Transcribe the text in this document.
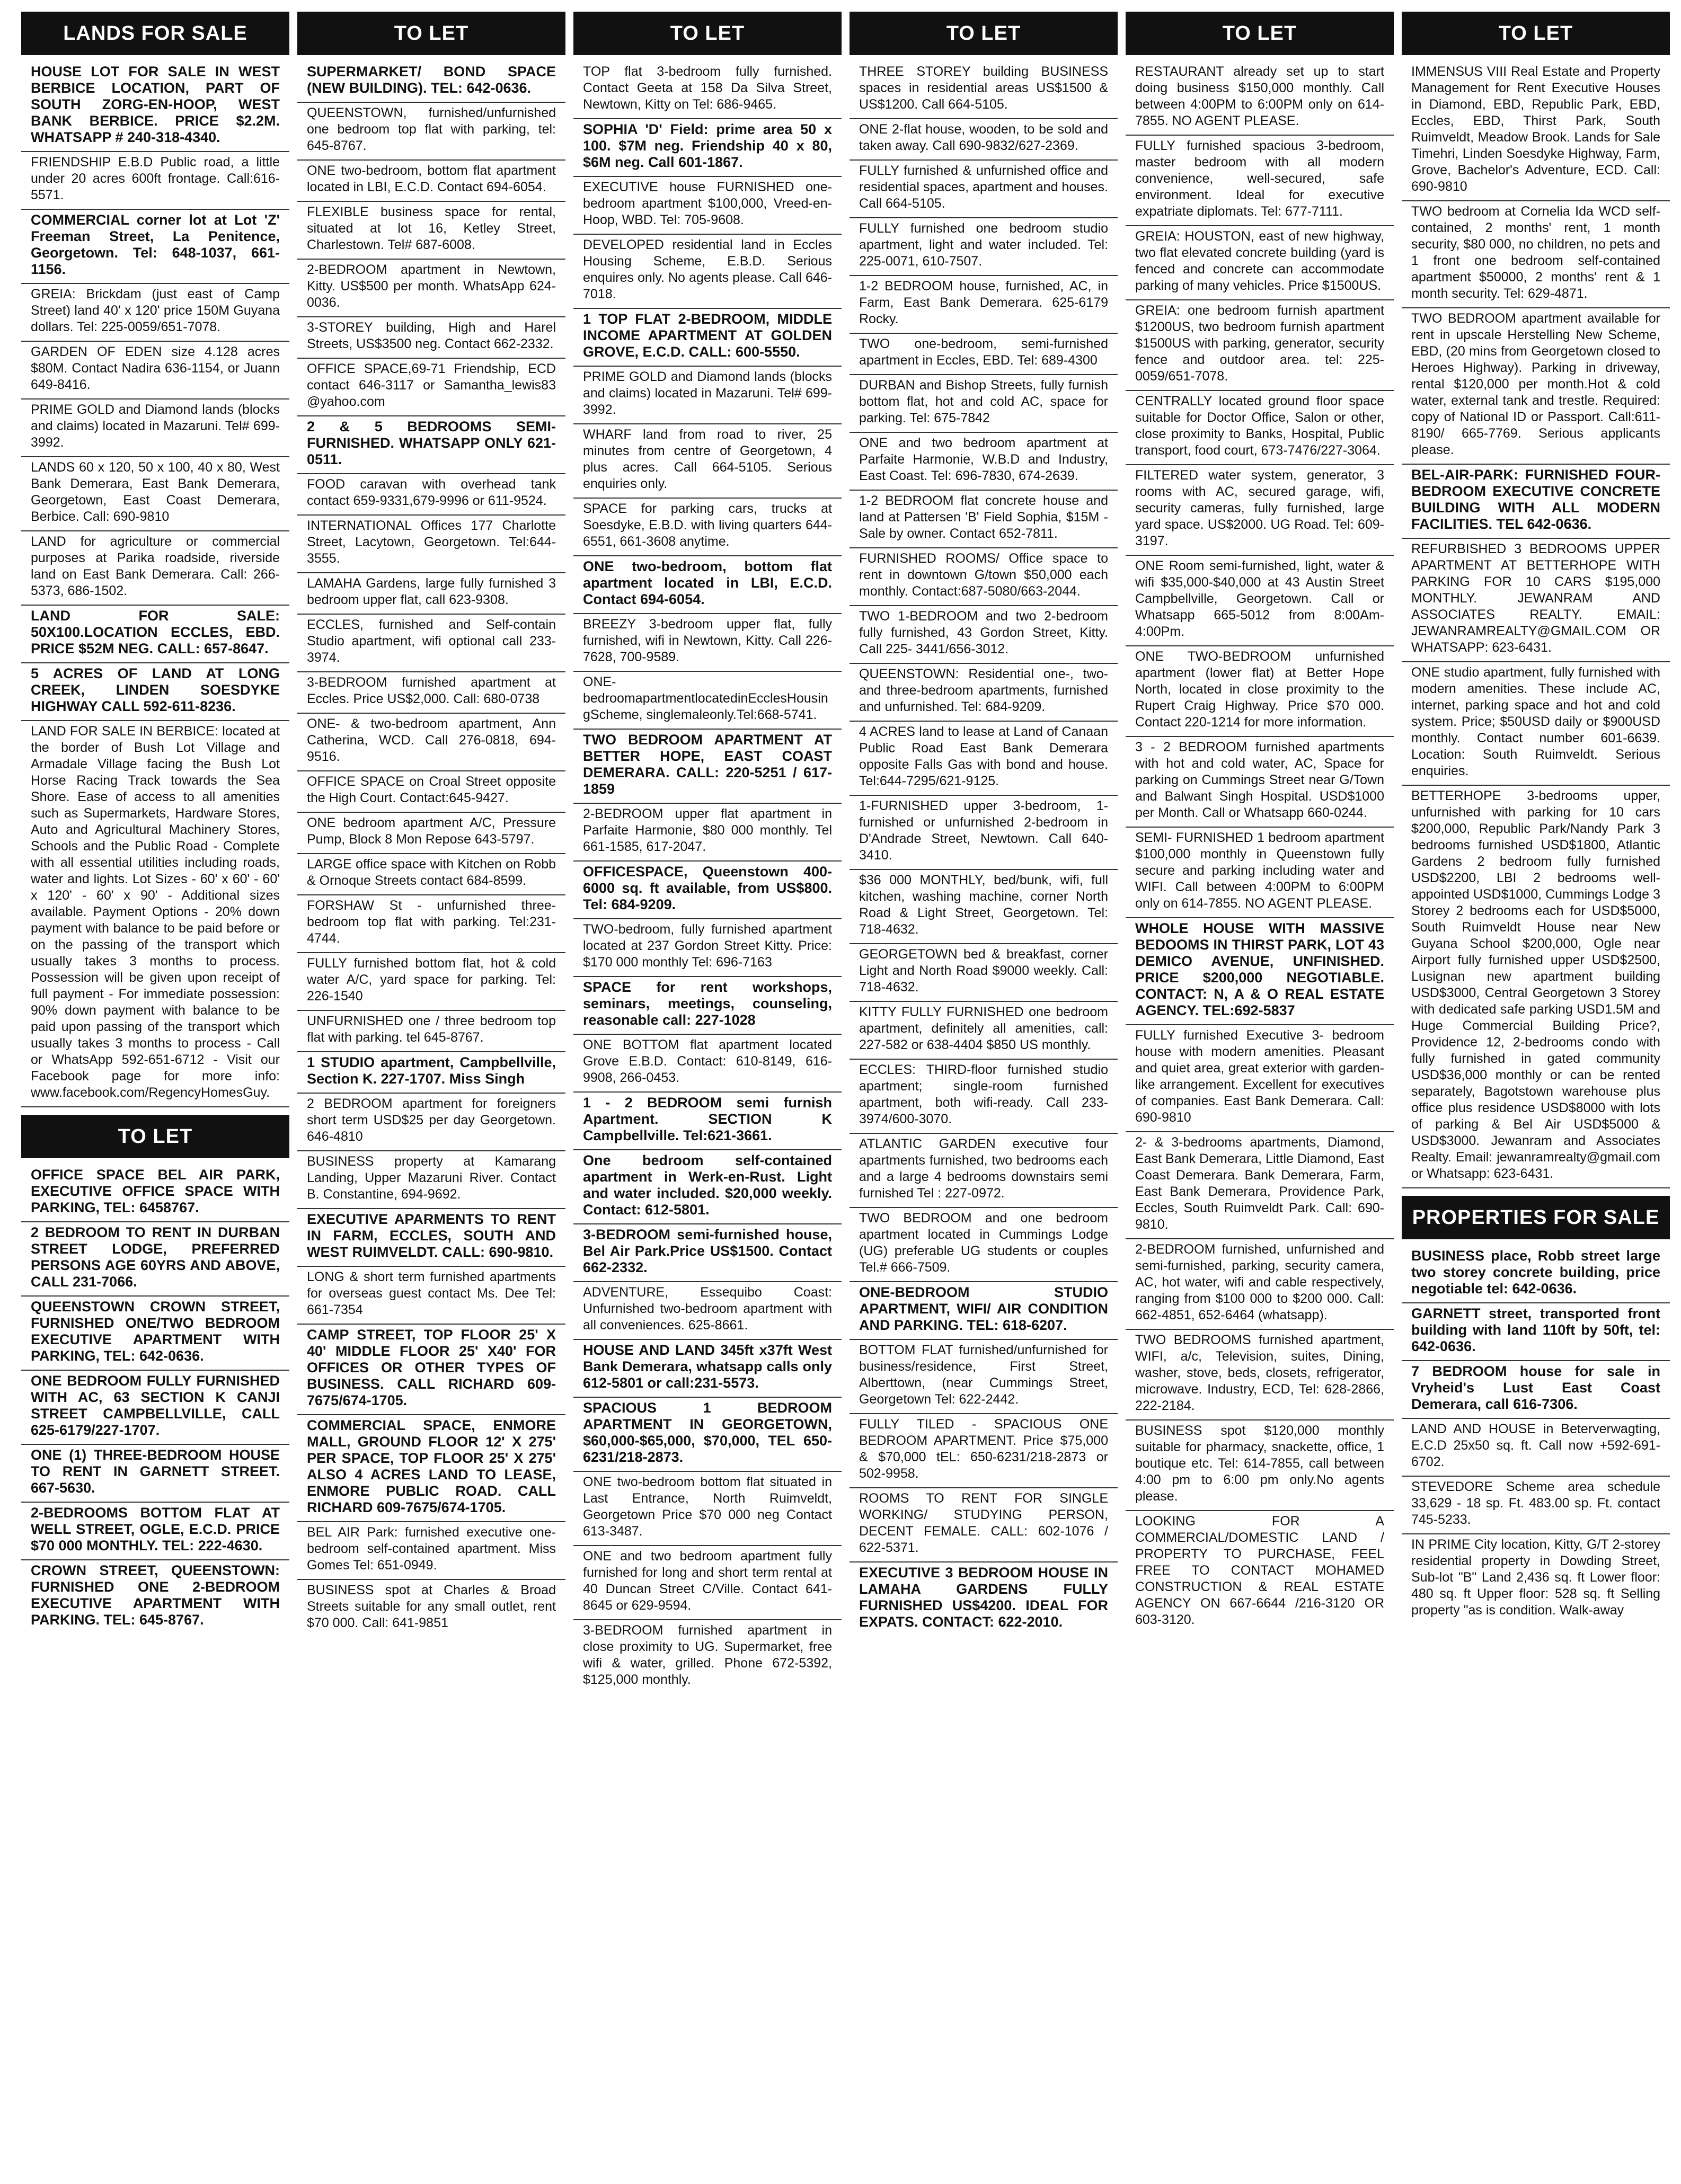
LANDS FOR SALE
HOUSE LOT FOR SALE IN WEST BERBICE LOCATION, PART OF SOUTH ZORG-EN-HOOP, WEST BANK BERBICE. PRICE $2.2M. WHATSAPP # 240-318-4340.
FRIENDSHIP E.B.D Public road, a little under 20 acres 600ft frontage. Call:616-5571.
COMMERCIAL corner lot at Lot 'Z' Freeman Street, La Penitence, Georgetown. Tel: 648-1037, 661-1156.
GREIA: Brickdam (just east of Camp Street) land 40' x 120' price 150M Guyana dollars. Tel: 225-0059/651-7078.
GARDEN OF EDEN size 4.128 acres $80M. Contact Nadira 636-1154, or Juann 649-8416.
PRIME GOLD and Diamond lands (blocks and claims) located in Mazaruni. Tel# 699-3992.
LANDS 60 x 120, 50 x 100, 40 x 80, West Bank Demerara, East Bank Demerara, Georgetown, East Coast Demerara, Berbice. Call: 690-9810
LAND for agriculture or commercial purposes at Parika roadside, riverside land on East Bank Demerara. Call: 266-5373, 686-1502.
LAND FOR SALE: 50X100.LOCATION ECCLES, EBD. PRICE $52M NEG. CALL: 657-8647.
5 ACRES OF LAND AT LONG CREEK, LINDEN SOESDYKE HIGHWAY CALL 592-611-8236.
LAND FOR SALE IN BERBICE: located at the border of Bush Lot Village and Armadale Village facing the Bush Lot Horse Racing Track towards the Sea Shore. Ease of access to all amenities such as Supermarkets, Hardware Stores, Auto and Agricultural Machinery Stores, Schools and the Public Road - Complete with all essential utilities including roads, water and lights. Lot Sizes - 60' x 60' - 60' x 120' - 60' x 90' - Additional sizes available. Payment Options - 20% down payment with balance to be paid before or on the passing of the transport which usually takes 3 months to process. Possession will be given upon receipt of full payment - For immediate possession: 90% down payment with balance to be paid upon passing of the transport which usually takes 3 months to process - Call or WhatsApp 592-651-6712 - Visit our Facebook page for more info: www.facebook.com/RegencyHomesGuy.
TO LET
OFFICE SPACE BEL AIR PARK, EXECUTIVE OFFICE SPACE WITH PARKING, TEL: 6458767.
2 BEDROOM TO RENT IN DURBAN STREET LODGE, PREFERRED PERSONS AGE 60YRS AND ABOVE, CALL 231-7066.
QUEENSTOWN CROWN STREET, FURNISHED ONE/TWO BEDROOM EXECUTIVE APARTMENT WITH PARKING, TEL: 642-0636.
ONE BEDROOM FULLY FURNISHED WITH AC, 63 SECTION K CANJI STREET CAMPBELLVILLE, CALL 625-6179/227-1707.
ONE (1) THREE-BEDROOM HOUSE TO RENT IN GARNETT STREET. 667-5630.
2-BEDROOMS BOTTOM FLAT AT WELL STREET, OGLE, E.C.D. PRICE $70 000 MONTHLY. TEL: 222-4630.
CROWN STREET, QUEENSTOWN: FURNISHED ONE 2-BEDROOM EXECUTIVE APARTMENT WITH PARKING. TEL: 645-8767.
TO LET
SUPERMARKET/ BOND SPACE (NEW BUILDING). TEL: 642-0636.
QUEENSTOWN, furnished/unfurnished one bedroom top flat with parking, tel: 645-8767.
ONE two-bedroom, bottom flat apartment located in LBI, E.C.D. Contact 694-6054.
FLEXIBLE business space for rental, situated at lot 16, Ketley Street, Charlestown. Tel# 687-6008.
2-BEDROOM apartment in Newtown, Kitty. US$500 per month. WhatsApp 624-0036.
3-STOREY building, High and Harel Streets, US$3500 neg. Contact 662-2332.
OFFICE SPACE,69-71 Friendship, ECD contact 646-3117 or Samantha_lewis83 @yahoo.com
2 & 5 BEDROOMS SEMI-FURNISHED. WHATSAPP ONLY 621-0511.
FOOD caravan with overhead tank contact 659-9331,679-9996 or 611-9524.
INTERNATIONAL Offices 177 Charlotte Street, Lacytown, Georgetown. Tel:644-3555.
LAMAHA Gardens, large fully furnished 3 bedroom upper flat, call 623-9308.
ECCLES, furnished and Self-contain Studio apartment, wifi optional call 233-3974.
3-BEDROOM furnished apartment at Eccles. Price US$2,000. Call: 680-0738
ONE- & two-bedroom apartment, Ann Catherina, WCD. Call 276-0818, 694-9516.
OFFICE SPACE on Croal Street opposite the High Court. Contact:645-9427.
ONE bedroom apartment A/C, Pressure Pump, Block 8 Mon Repose 643-5797.
LARGE office space with Kitchen on Robb & Ornoque Streets contact 684-8599.
FORSHAW St - unfurnished three-bedroom top flat with parking. Tel:231-4744.
FULLY furnished bottom flat, hot & cold water A/C, yard space for parking. Tel: 226-1540
UNFURNISHED one / three bedroom top flat with parking. tel 645-8767.
1 STUDIO apartment, Campbellville, Section K. 227-1707. Miss Singh
2 BEDROOM apartment for foreigners short term USD$25 per day Georgetown. 646-4810
BUSINESS property at Kamarang Landing, Upper Mazaruni River. Contact B. Constantine, 694-9692.
EXECUTIVE APARMENTS TO RENT IN FARM, ECCLES, SOUTH AND WEST RUIMVELDT. CALL: 690-9810.
LONG & short term furnished apartments for overseas guest contact Ms. Dee Tel: 661-7354
CAMP STREET, TOP FLOOR 25' X 40' MIDDLE FLOOR 25' X40' FOR OFFICES OR OTHER TYPES OF BUSINESS. CALL RICHARD 609-7675/674-1705.
COMMERCIAL SPACE, ENMORE MALL, GROUND FLOOR 12' X 275' PER SPACE, TOP FLOOR 25' X 275' ALSO 4 ACRES LAND TO LEASE, ENMORE PUBLIC ROAD. CALL RICHARD 609-7675/674-1705.
BEL AIR Park: furnished executive one-bedroom self-contained apartment. Miss Gomes Tel: 651-0949.
BUSINESS spot at Charles & Broad Streets suitable for any small outlet, rent $70 000. Call: 641-9851
TO LET
TOP flat 3-bedroom fully furnished. Contact Geeta at 158 Da Silva Street, Newtown, Kitty on Tel: 686-9465.
SOPHIA 'D' Field: prime area 50 x 100. $7M neg. Friendship 40 x 80, $6M neg. Call 601-1867.
EXECUTIVE house FURNISHED one-bedroom apartment $100,000, Vreed-en-Hoop, WBD. Tel: 705-9608.
DEVELOPED residential land in Eccles Housing Scheme, E.B.D. Serious enquires only. No agents please. Call 646-7018.
1 TOP FLAT 2-BEDROOM, MIDDLE INCOME APARTMENT AT GOLDEN GROVE, E.C.D. CALL: 600-5550.
PRIME GOLD and Diamond lands (blocks and claims) located in Mazaruni. Tel# 699-3992.
WHARF land from road to river, 25 minutes from centre of Georgetown, 4 plus acres. Call 664-5105. Serious enquiries only.
SPACE for parking cars, trucks at Soesdyke, E.B.D. with living quarters 644-6551, 661-3608 anytime.
ONE two-bedroom, bottom flat apartment located in LBI, E.C.D. Contact 694-6054.
BREEZY 3-bedroom upper flat, fully furnished, wifi in Newtown, Kitty. Call 226-7628, 700-9589.
ONE-bedroomapartmentlocatedinEcclesHousingScheme, singlemaleonly.Tel:668-5741.
TWO BEDROOM APARTMENT AT BETTER HOPE, EAST COAST DEMERARA. CALL: 220-5251 / 617-1859
2-BEDROOM upper flat apartment in Parfaite Harmonie, $80 000 monthly. Tel 661-1585, 617-2047.
OFFICESPACE, Queenstown 400-6000 sq. ft available, from US$800. Tel: 684-9209.
TWO-bedroom, fully furnished apartment located at 237 Gordon Street Kitty. Price: $170 000 monthly Tel: 696-7163
SPACE for rent workshops, seminars, meetings, counseling, reasonable call: 227-1028
ONE BOTTOM flat apartment located Grove E.B.D. Contact: 610-8149, 616-9908, 266-0453.
1 - 2 BEDROOM semi furnish Apartment. SECTION K Campbellville. Tel:621-3661.
One bedroom self-contained apartment in Werk-en-Rust. Light and water included. $20,000 weekly. Contact: 612-5801.
3-BEDROOM semi-furnished house, Bel Air Park.Price US$1500. Contact 662-2332.
ADVENTURE, Essequibo Coast: Unfurnished two-bedroom apartment with all conveniences. 625-8661.
HOUSE AND LAND 345ft x37ft West Bank Demerara, whatsapp calls only 612-5801 or call:231-5573.
SPACIOUS 1 BEDROOM APARTMENT IN GEORGETOWN, $60,000-$65,000, $70,000, TEL 650-6231/218-2873.
ONE two-bedroom bottom flat situated in Last Entrance, North Ruimveldt, Georgetown Price $70 000 neg Contact 613-3487.
ONE and two bedroom apartment fully furnished for long and short term rental at 40 Duncan Street C/Ville. Contact 641-8645 or 629-9594.
3-BEDROOM furnished apartment in close proximity to UG. Supermarket, free wifi & water, grilled. Phone 672-5392, $125,000 monthly.
TO LET
THREE STOREY building BUSINESS spaces in residential areas US$1500 & US$1200. Call 664-5105.
ONE 2-flat house, wooden, to be sold and taken away. Call 690-9832/627-2369.
FULLY furnished & unfurnished office and residential spaces, apartment and houses. Call 664-5105.
FULLY furnished one bedroom studio apartment, light and water included. Tel: 225-0071, 610-7507.
1-2 BEDROOM house, furnished, AC, in Farm, East Bank Demerara. 625-6179 Rocky.
TWO one-bedroom, semi-furnished apartment in Eccles, EBD. Tel: 689-4300
DURBAN and Bishop Streets, fully furnish bottom flat, hot and cold AC, space for parking. Tel: 675-7842
ONE and two bedroom apartment at Parfaite Harmonie, W.B.D and Industry, East Coast. Tel: 696-7830, 674-2639.
1-2 BEDROOM flat concrete house and land at Pattersen 'B' Field Sophia, $15M - Sale by owner. Contact 652-7811.
FURNISHED ROOMS/ Office space to rent in downtown G/town $50,000 each monthly. Contact:687-5080/663-2044.
TWO 1-BEDROOM and two 2-bedroom fully furnished, 43 Gordon Street, Kitty. Call 225- 3441/656-3012.
QUEENSTOWN: Residential one-, two- and three-bedroom apartments, furnished and unfurnished. Tel: 684-9209.
4 ACRES land to lease at Land of Canaan Public Road East Bank Demerara opposite Falls Gas with bond and house. Tel:644-7295/621-9125.
1-FURNISHED upper 3-bedroom, 1-furnished or unfurnished 2-bedroom in D'Andrade Street, Newtown. Call 640-3410.
$36 000 MONTHLY, bed/bunk, wifi, full kitchen, washing machine, corner North Road & Light Street, Georgetown. Tel: 718-4632.
GEORGETOWN bed & breakfast, corner Light and North Road $9000 weekly. Call: 718-4632.
KITTY FULLY FURNISHED one bedroom apartment, definitely all amenities, call: 227-582 or 638-4404 $850 US monthly.
ECCLES: THIRD-floor furnished studio apartment; single-room furnished apartment, both wifi-ready. Call 233-3974/600-3070.
ATLANTIC GARDEN executive four apartments furnished, two bedrooms each and a large 4 bedrooms downstairs semi furnished Tel : 227-0972.
TWO BEDROOM and one bedroom apartment located in Cummings Lodge (UG) preferable UG students or couples Tel.# 666-7509.
ONE-BEDROOM STUDIO APARTMENT, WIFI/ AIR CONDITION AND PARKING. TEL: 618-6207.
BOTTOM FLAT furnished/unfurnished for business/residence, First Street, Alberttown, (near Cummings Street, Georgetown Tel: 622-2442.
FULLY TILED - SPACIOUS ONE BEDROOM APARTMENT. Price $75,000 & $70,000 tEL: 650-6231/218-2873 or 502-9958.
ROOMS TO RENT FOR SINGLE WORKING/ STUDYING PERSON, DECENT FEMALE. CALL: 602-1076 / 622-5371.
EXECUTIVE 3 BEDROOM HOUSE IN LAMAHA GARDENS FULLY FURNISHED US$4200. IDEAL FOR EXPATS. CONTACT: 622-2010.
TO LET
RESTAURANT already set up to start doing business $150,000 monthly. Call between 4:00PM to 6:00PM only on 614-7855. NO AGENT PLEASE.
FULLY furnished spacious 3-bedroom, master bedroom with all modern convenience, well-secured, safe environment. Ideal for executive expatriate diplomats. Tel: 677-7111.
GREIA: HOUSTON, east of new highway, two flat elevated concrete building (yard is fenced and concrete can accommodate parking of many vehicles. Price $1500US.
GREIA: one bedroom furnish apartment $1200US, two bedroom furnish apartment $1500US with parking, generator, security fence and outdoor area. tel: 225-0059/651-7078.
CENTRALLY located ground floor space suitable for Doctor Office, Salon or other, close proximity to Banks, Hospital, Public transport, food court, 673-7476/227-3064.
FILTERED water system, generator, 3 rooms with AC, secured garage, wifi, security cameras, fully furnished, large yard space. US$2000. UG Road. Tel: 609-3197.
ONE Room semi-furnished, light, water & wifi $35,000-$40,000 at 43 Austin Street Campbellville, Georgetown. Call or Whatsapp 665-5012 from 8:00Am-4:00Pm.
ONE TWO-BEDROOM unfurnished apartment (lower flat) at Better Hope North, located in close proximity to the Rupert Craig Highway. Price $70 000. Contact 220-1214 for more information.
3 - 2 BEDROOM furnished apartments with hot and cold water, AC, Space for parking on Cummings Street near G/Town and Balwant Singh Hospital. USD$1000 per Month. Call or Whatsapp 660-0244.
SEMI- FURNISHED 1 bedroom apartment $100,000 monthly in Queenstown fully secure and parking including water and WIFI. Call between 4:00PM to 6:00PM only on 614-7855. NO AGENT PLEASE.
WHOLE HOUSE WITH MASSIVE BEDOOMS IN THIRST PARK, LOT 43 DEMICO AVENUE, UNFINISHED. PRICE $200,000 NEGOTIABLE. CONTACT: N, A & O REAL ESTATE AGENCY. TEL:692-5837
FULLY furnished Executive 3- bedroom house with modern amenities. Pleasant and quiet area, great exterior with garden-like arrangement. Excellent for executives of companies. East Bank Demerara. Call: 690-9810
2- & 3-bedrooms apartments, Diamond, East Bank Demerara, Little Diamond, East Coast Demerara. Bank Demerara, Farm, East Bank Demerara, Providence Park, Eccles, South Ruimveldt Park. Call: 690-9810.
2-BEDROOM furnished, unfurnished and semi-furnished, parking, security camera, AC, hot water, wifi and cable respectively, ranging from $100 000 to $200 000. Call: 662-4851, 652-6464 (whatsapp).
TWO BEDROOMS furnished apartment, WIFI, a/c, Television, suites, Dining, washer, stove, beds, closets, refrigerator, microwave. Industry, ECD, Tel: 628-2866, 222-2184.
BUSINESS spot $120,000 monthly suitable for pharmacy, snackette, office, 1 boutique etc. Tel: 614-7855, call between 4:00 pm to 6:00 pm only.No agents please.
LOOKING FOR A COMMERCIAL/DOMESTIC LAND / PROPERTY TO PURCHASE, FEEL FREE TO CONTACT MOHAMED CONSTRUCTION & REAL ESTATE AGENCY ON 667-6644 /216-3120 OR 603-3120.
TO LET
IMMENSUS VIII Real Estate and Property Management for Rent Executive Houses in Diamond, EBD, Republic Park, EBD, Eccles, EBD, Thirst Park, South Ruimveldt, Meadow Brook. Lands for Sale Timehri, Linden Soesdyke Highway, Farm, Grove, Bachelor's Adventure, ECD. Call: 690-9810
TWO bedroom at Cornelia Ida WCD self-contained, 2 months' rent, 1 month security, $80 000, no children, no pets and 1 front one bedroom self-contained apartment $50000, 2 months' rent & 1 month security. Tel: 629-4871.
TWO BEDROOM apartment available for rent in upscale Herstelling New Scheme, EBD, (20 mins from Georgetown closed to Heroes Highway). Parking in driveway, rental $120,000 per month.Hot & cold water, external tank and trestle. Required: copy of National ID or Passport. Call:611-8190/ 665-7769. Serious applicants please.
BEL-AIR-PARK: FURNISHED FOUR-BEDROOM EXECUTIVE CONCRETE BUILDING WITH ALL MODERN FACILITIES. TEL 642-0636.
REFURBISHED 3 BEDROOMS UPPER APARTMENT AT BETTERHOPE WITH PARKING FOR 10 CARS $195,000 MONTHLY. JEWANRAM AND ASSOCIATES REALTY. EMAIL: JEWANRAMREALTY@GMAIL.COM OR WHATSAPP: 623-6431.
ONE studio apartment, fully furnished with modern amenities. These include AC, internet, parking space and hot and cold system. Price; $50USD daily or $900USD monthly. Contact number 601-6639. Location: South Ruimveldt. Serious enquiries.
BETTERHOPE 3-bedrooms upper, unfurnished with parking for 10 cars $200,000, Republic Park/Nandy Park 3 bedrooms furnished USD$1800, Atlantic Gardens 2 bedroom fully furnished USD$2200, LBI 2 bedrooms well-appointed USD$1000, Cummings Lodge 3 Storey 2 bedrooms each for USD$5000, South Ruimveldt House near New Guyana School $200,000, Ogle near Airport fully furnished upper USD$2500, Lusignan new apartment building USD$3000, Central Georgetown 3 Storey with dedicated safe parking USD1.5M and Huge Commercial Building Price?, Providence 12, 2-bedrooms condo with fully furnished in gated community USD$36,000 monthly or can be rented separately, Bagotstown warehouse plus office plus residence USD$8000 with lots of parking & Bel Air USD$5000 & USD$3000. Jewanram and Associates Realty. Email: jewanramrealty@gmail.com or Whatsapp: 623-6431.
PROPERTIES FOR SALE
BUSINESS place, Robb street large two storey concrete building, price negotiable tel: 642-0636.
GARNETT street, transported front building with land 110ft by 50ft, tel: 642-0636.
7 BEDROOM house for sale in Vryheid's Lust East Coast Demerara, call 616-7306.
LAND AND HOUSE in Beterverwagting, E.C.D 25x50 sq. ft. Call now +592-691-6702.
STEVEDORE Scheme area schedule 33,629 - 18 sp. Ft. 483.00 sp. Ft. contact 745-5233.
IN PRIME City location, Kitty, G/T 2-storey residential property in Dowding Street, Sub-lot "B" Land 2,436 sq. ft Lower floor: 480 sq. ft Upper floor: 528 sq. ft Selling property "as is condition. Walk-away
